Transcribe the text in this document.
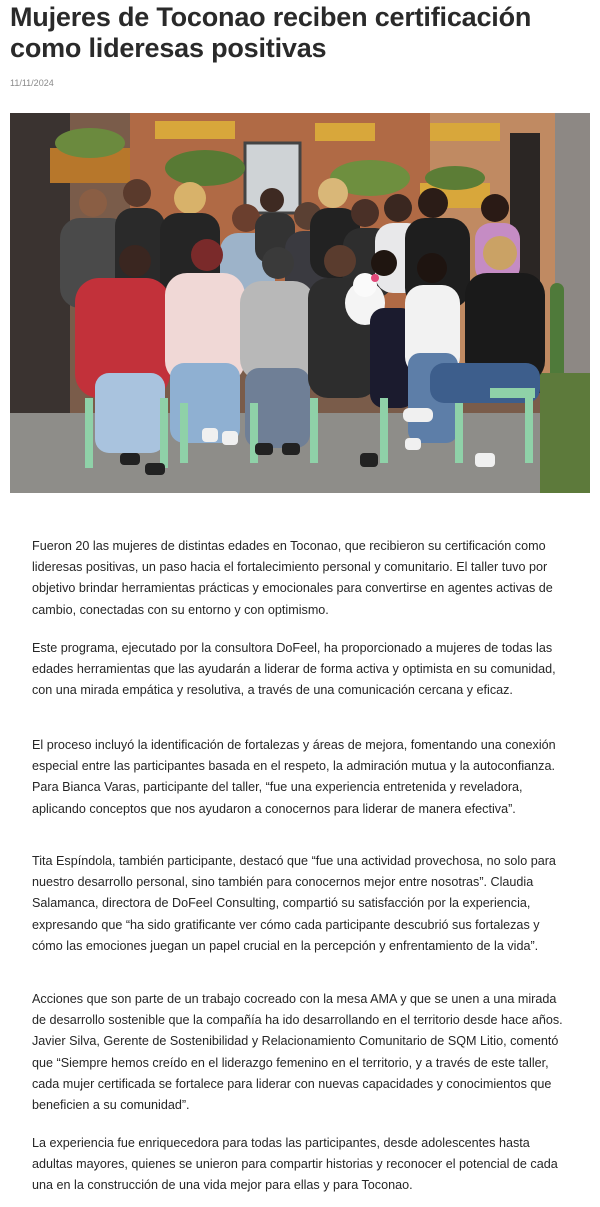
Mujeres de Toconao reciben certificación como lideresas positivas
11/11/2024

Fueron 20 las mujeres de distintas edades en Toconao, que recibieron su certificación como lideresas positivas, un paso hacia el fortalecimiento personal y comunitario. El taller tuvo por objetivo brindar herramientas prácticas y emocionales para convertirse en agentes activas de cambio, conectadas con su entorno y con optimismo.

Este programa, ejecutado por la consultora DoFeel, ha proporcionado a mujeres de todas las edades herramientas que las ayudarán a liderar de forma activa y optimista en su comunidad, con una mirada empática y resolutiva, a través de una comunicación cercana y eficaz.

El proceso incluyó la identificación de fortalezas y áreas de mejora, fomentando una conexión especial entre las participantes basada en el respeto, la admiración mutua y la autoconfianza. Para Bianca Varas, participante del taller, “fue una experiencia entretenida y reveladora, aplicando conceptos que nos ayudaron a conocernos para liderar de manera efectiva”.

Tita Espíndola, también participante, destacó que “fue una actividad provechosa, no solo para nuestro desarrollo personal, sino también para conocernos mejor entre nosotras”. Claudia Salamanca, directora de DoFeel Consulting, compartió su satisfacción por la experiencia, expresando que “ha sido gratificante ver cómo cada participante descubrió sus fortalezas y cómo las emociones juegan un papel crucial en la percepción y enfrentamiento de la vida”.

Acciones que son parte de un trabajo cocreado con la mesa AMA y que se unen a una mirada de desarrollo sostenible que la compañía ha ido desarrollando en el territorio desde hace años. Javier Silva, Gerente de Sostenibilidad y Relacionamiento Comunitario de SQM Litio, comentó que “Siempre hemos creído en el liderazgo femenino en el territorio, y a través de este taller, cada mujer certificada se fortalece para liderar con nuevas capacidades y conocimientos que beneficien a su comunidad”.

La experiencia fue enriquecedora para todas las participantes, desde adolescentes hasta adultas mayores, quienes se unieron para compartir historias y reconocer el potencial de cada una en la construcción de una vida mejor para ellas y para Toconao.
